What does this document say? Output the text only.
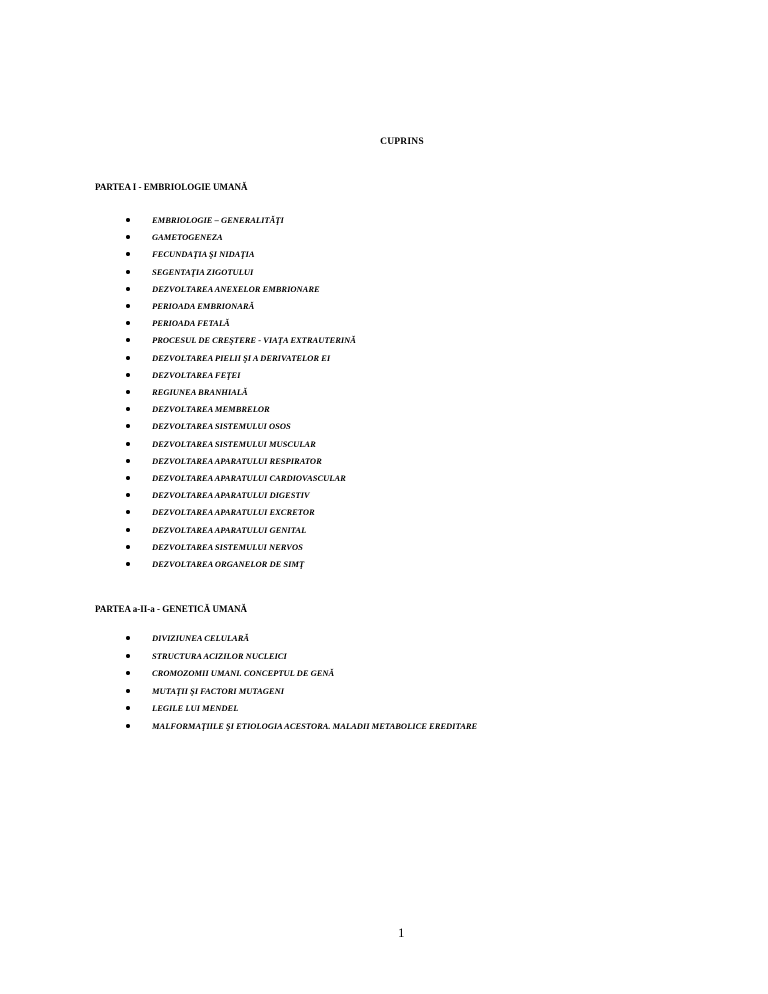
CUPRINS
PARTEA I - EMBRIOLOGIE UMANĂ
EMBRIOLOGIE – GENERALITĂŢI
GAMETOGENEZA
FECUNDAŢIA ŞI NIDAŢIA
SEGENTAŢIA ZIGOTULUI
DEZVOLTAREA ANEXELOR EMBRIONARE
PERIOADA EMBRIONARĂ
PERIOADA FETALĂ
PROCESUL DE CREŞTERE - VIAŢA EXTRAUTERINĂ
DEZVOLTAREA PIELII ŞI A DERIVATELOR EI
DEZVOLTAREA FEŢEI
REGIUNEA BRANHIALĂ
DEZVOLTAREA MEMBRELOR
DEZVOLTAREA SISTEMULUI OSOS
DEZVOLTAREA SISTEMULUI MUSCULAR
DEZVOLTAREA APARATULUI RESPIRATOR
DEZVOLTAREA APARATULUI CARDIOVASCULAR
DEZVOLTAREA APARATULUI DIGESTIV
DEZVOLTAREA APARATULUI EXCRETOR
DEZVOLTAREA APARATULUI GENITAL
DEZVOLTAREA SISTEMULUI NERVOS
DEZVOLTAREA ORGANELOR DE SIMŢ
PARTEA a-II-a - GENETICĂ UMANĂ
DIVIZIUNEA CELULARĂ
STRUCTURA ACIZILOR NUCLEICI
CROMOZOMII UMANI. CONCEPTUL DE GENĂ
MUTAŢII ŞI FACTORI MUTAGENI
LEGILE LUI MENDEL
MALFORMAŢIILE ŞI ETIOLOGIA ACESTORA. MALADII METABOLICE EREDITARE
1
